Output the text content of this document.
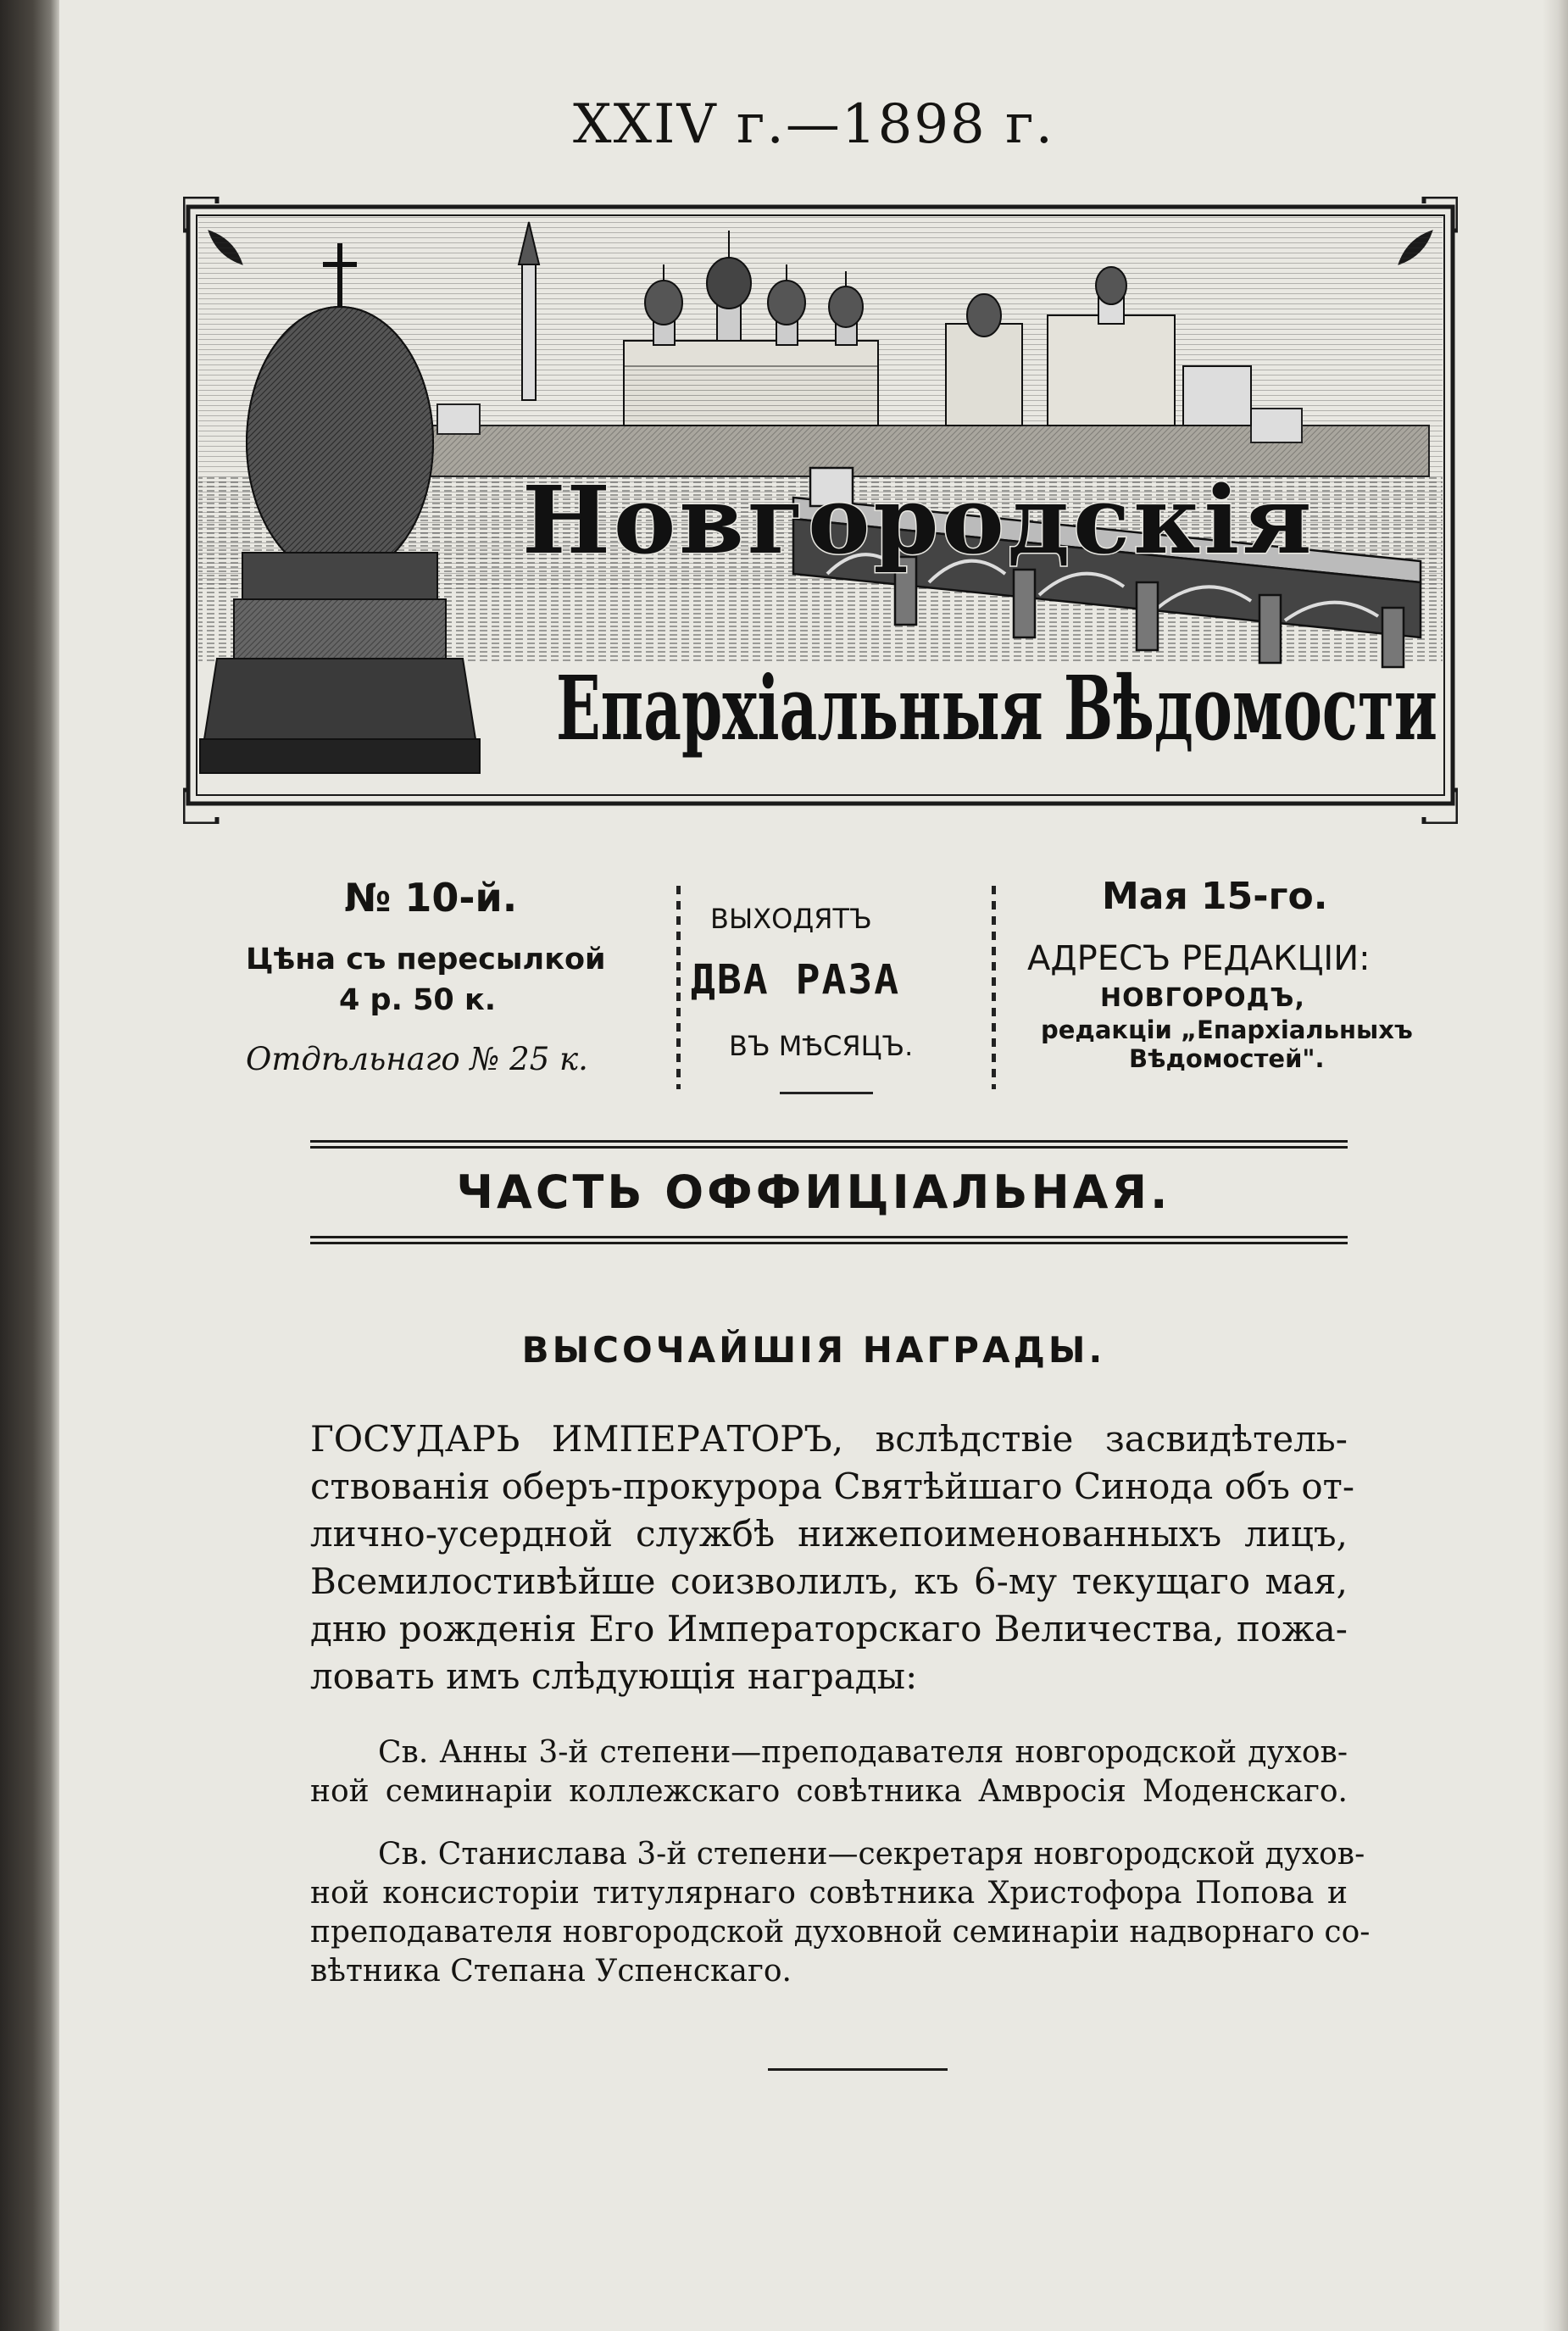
XXIV г.—1898 г.
Новгородскія
Епархіальныя Вѣдомости
№ 10-й.
Цѣна съ пересылкой
4 р. 50 к.
Отдѣльнаго № 25 к.
ВЫХОДЯТЪ
ДВА РАЗА
ВЪ МѢСЯЦЪ.
Мая 15-го.
АДРЕСЪ РЕДАКЦІИ:
НОВГОРОДЪ,
редакціи „Епархіальныхъ
Вѣдомостей".
ЧАСТЬ ОФФИЦІАЛЬНАЯ.
ВЫСОЧАЙШІЯ НАГРАДЫ.
ГОСУДАРЬ ИМПЕРАТОРЪ, вслѣдствіе засвидѣтель-
ствованія оберъ-прокурора Святѣйшаго Синода объ от-
лично-усердной службѣ нижепоименованныхъ лицъ,
Всемилостивѣйше соизволилъ, къ 6-му текущаго мая,
дню рожденія Его Императорскаго Величества, пожа-
ловать имъ слѣдующія награды:
Св. Анны 3-й степени—преподавателя новгородской духов-
ной семинаріи коллежскаго совѣтника Амвросія Моденскаго.
Св. Станислава 3-й степени—секретаря новгородской духов-
ной консисторіи титулярнаго совѣтника Христофора Попова и
преподавателя новгородской духовной семинаріи надворнаго со-
вѣтника Степана Успенскаго.
